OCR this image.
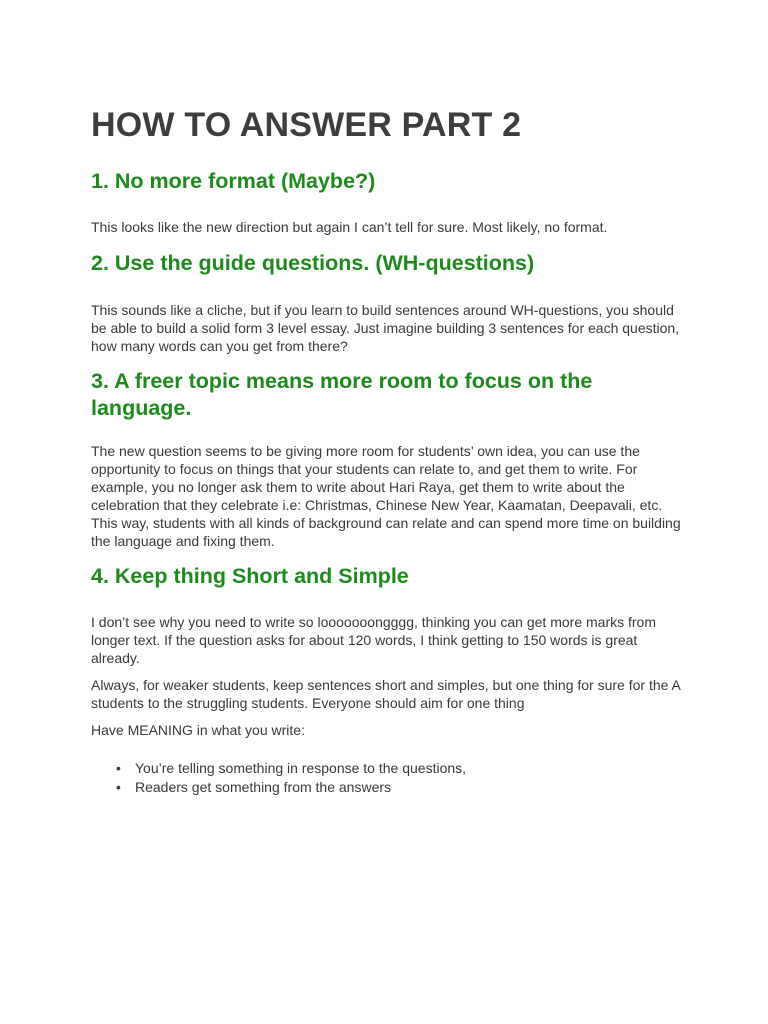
HOW TO ANSWER PART 2
1. No more format (Maybe?)

This looks like the new direction but again I can’t tell for sure. Most likely, no format.

2. Use the guide questions. (WH-questions)

This sounds like a cliche, but if you learn to build sentences around WH-questions, you should be able to build a solid form 3 level essay. Just imagine building 3 sentences for each question, how many words can you get from there?

3. A freer topic means more room to focus on the language.

The new question seems to be giving more room for students’ own idea, you can use the opportunity to focus on things that your students can relate to, and get them to write. For example, you no longer ask them to write about Hari Raya, get them to write about the celebration that they celebrate i.e: Christmas, Chinese New Year, Kaamatan, Deepavali, etc. This way, students with all kinds of background can relate and can spend more time on building the language and fixing them.

4. Keep thing Short and Simple

I don’t see why you need to write so looooooongggg, thinking you can get more marks from longer text. If the question asks for about 120 words, I think getting to 150 words is great already.

Always, for weaker students, keep sentences short and simples, but one thing for sure for the A students to the struggling students. Everyone should aim for one thing

Have MEANING in what you write:

• You’re telling something in response to the questions,
• Readers get something from the answers
